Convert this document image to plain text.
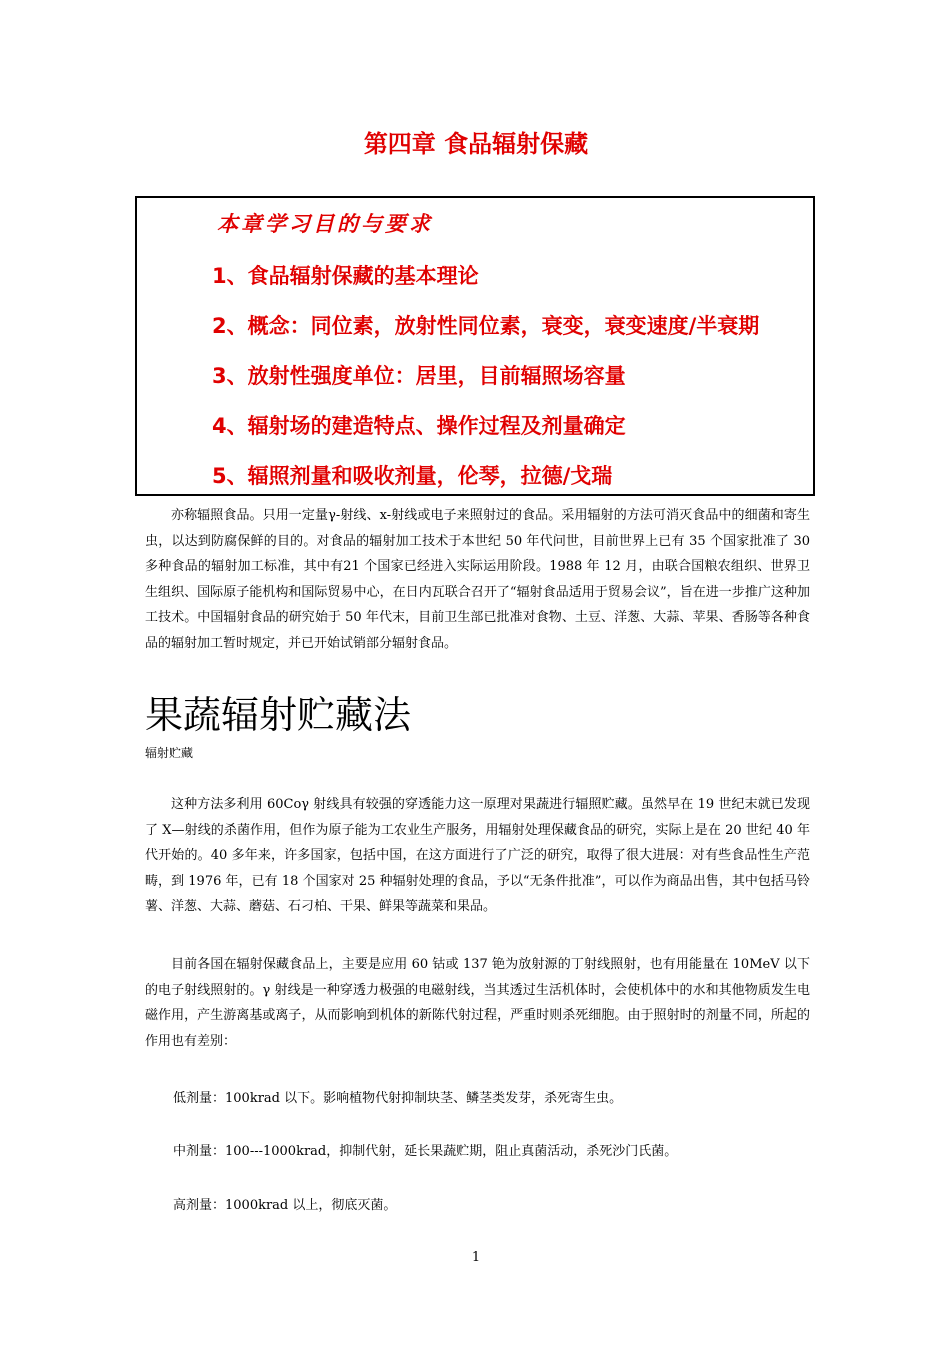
第四章 食品辐射保藏
本章学习目的与要求
1、食品辐射保藏的基本理论
2、概念：同位素，放射性同位素，衰变，衰变速度/半衰期
3、放射性强度单位：居里，目前辐照场容量
4、辐射场的建造特点、操作过程及剂量确定
5、辐照剂量和吸收剂量，伦琴，拉德/戈瑞

亦称辐照食品。只用一定量γ-射线、x-射线或电子来照射过的食品。采用辐射的方法可消灭食品中的细菌和寄生虫，以达到防腐保鲜的目的。对食品的辐射加工技术于本世纪 50 年代问世，目前世界上已有 35 个国家批准了 30 多种食品的辐射加工标准，其中有21 个国家已经进入实际运用阶段。1988 年 12 月，由联合国粮农组织、世界卫生组织、国际原子能机构和国际贸易中心，在日内瓦联合召开了“辐射食品适用于贸易会议”，旨在进一步推广这种加工技术。中国辐射食品的研究始于 50 年代末，目前卫生部已批准对食物、土豆、洋葱、大蒜、苹果、香肠等各种食品的辐射加工暂时规定，并已开始试销部分辐射食品。

果蔬辐射贮藏法
辐射贮藏

这种方法多利用 60Coγ 射线具有较强的穿透能力这一原理对果蔬进行辐照贮藏。虽然早在 19 世纪末就已发现了 X—射线的杀菌作用，但作为原子能为工农业生产服务，用辐射处理保藏食品的研究，实际上是在 20 世纪 40 年代开始的。40 多年来，许多国家，包括中国，在这方面进行了广泛的研究，取得了很大进展：对有些食品性生产范畴，到 1976 年，已有 18 个国家对 25 种辐射处理的食品，予以“无条件批准”，可以作为商品出售，其中包括马铃薯、洋葱、大蒜、蘑菇、石刁柏、干果、鲜果等蔬菜和果品。

目前各国在辐射保藏食品上，主要是应用 60 钴或 137 铯为放射源的丁射线照射，也有用能量在 10MeV 以下的电子射线照射的。γ 射线是一种穿透力极强的电磁射线，当其透过生活机体时，会使机体中的水和其他物质发生电磁作用，产生游离基或离子，从而影响到机体的新陈代射过程，严重时则杀死细胞。由于照射时的剂量不同，所起的作用也有差别：

低剂量：100krad 以下。影响植物代射抑制块茎、鳞茎类发芽，杀死寄生虫。
中剂量：100---1000krad，抑制代射，延长果蔬贮期，阻止真菌活动，杀死沙门氏菌。
高剂量：1000krad 以上，彻底灭菌。
1
